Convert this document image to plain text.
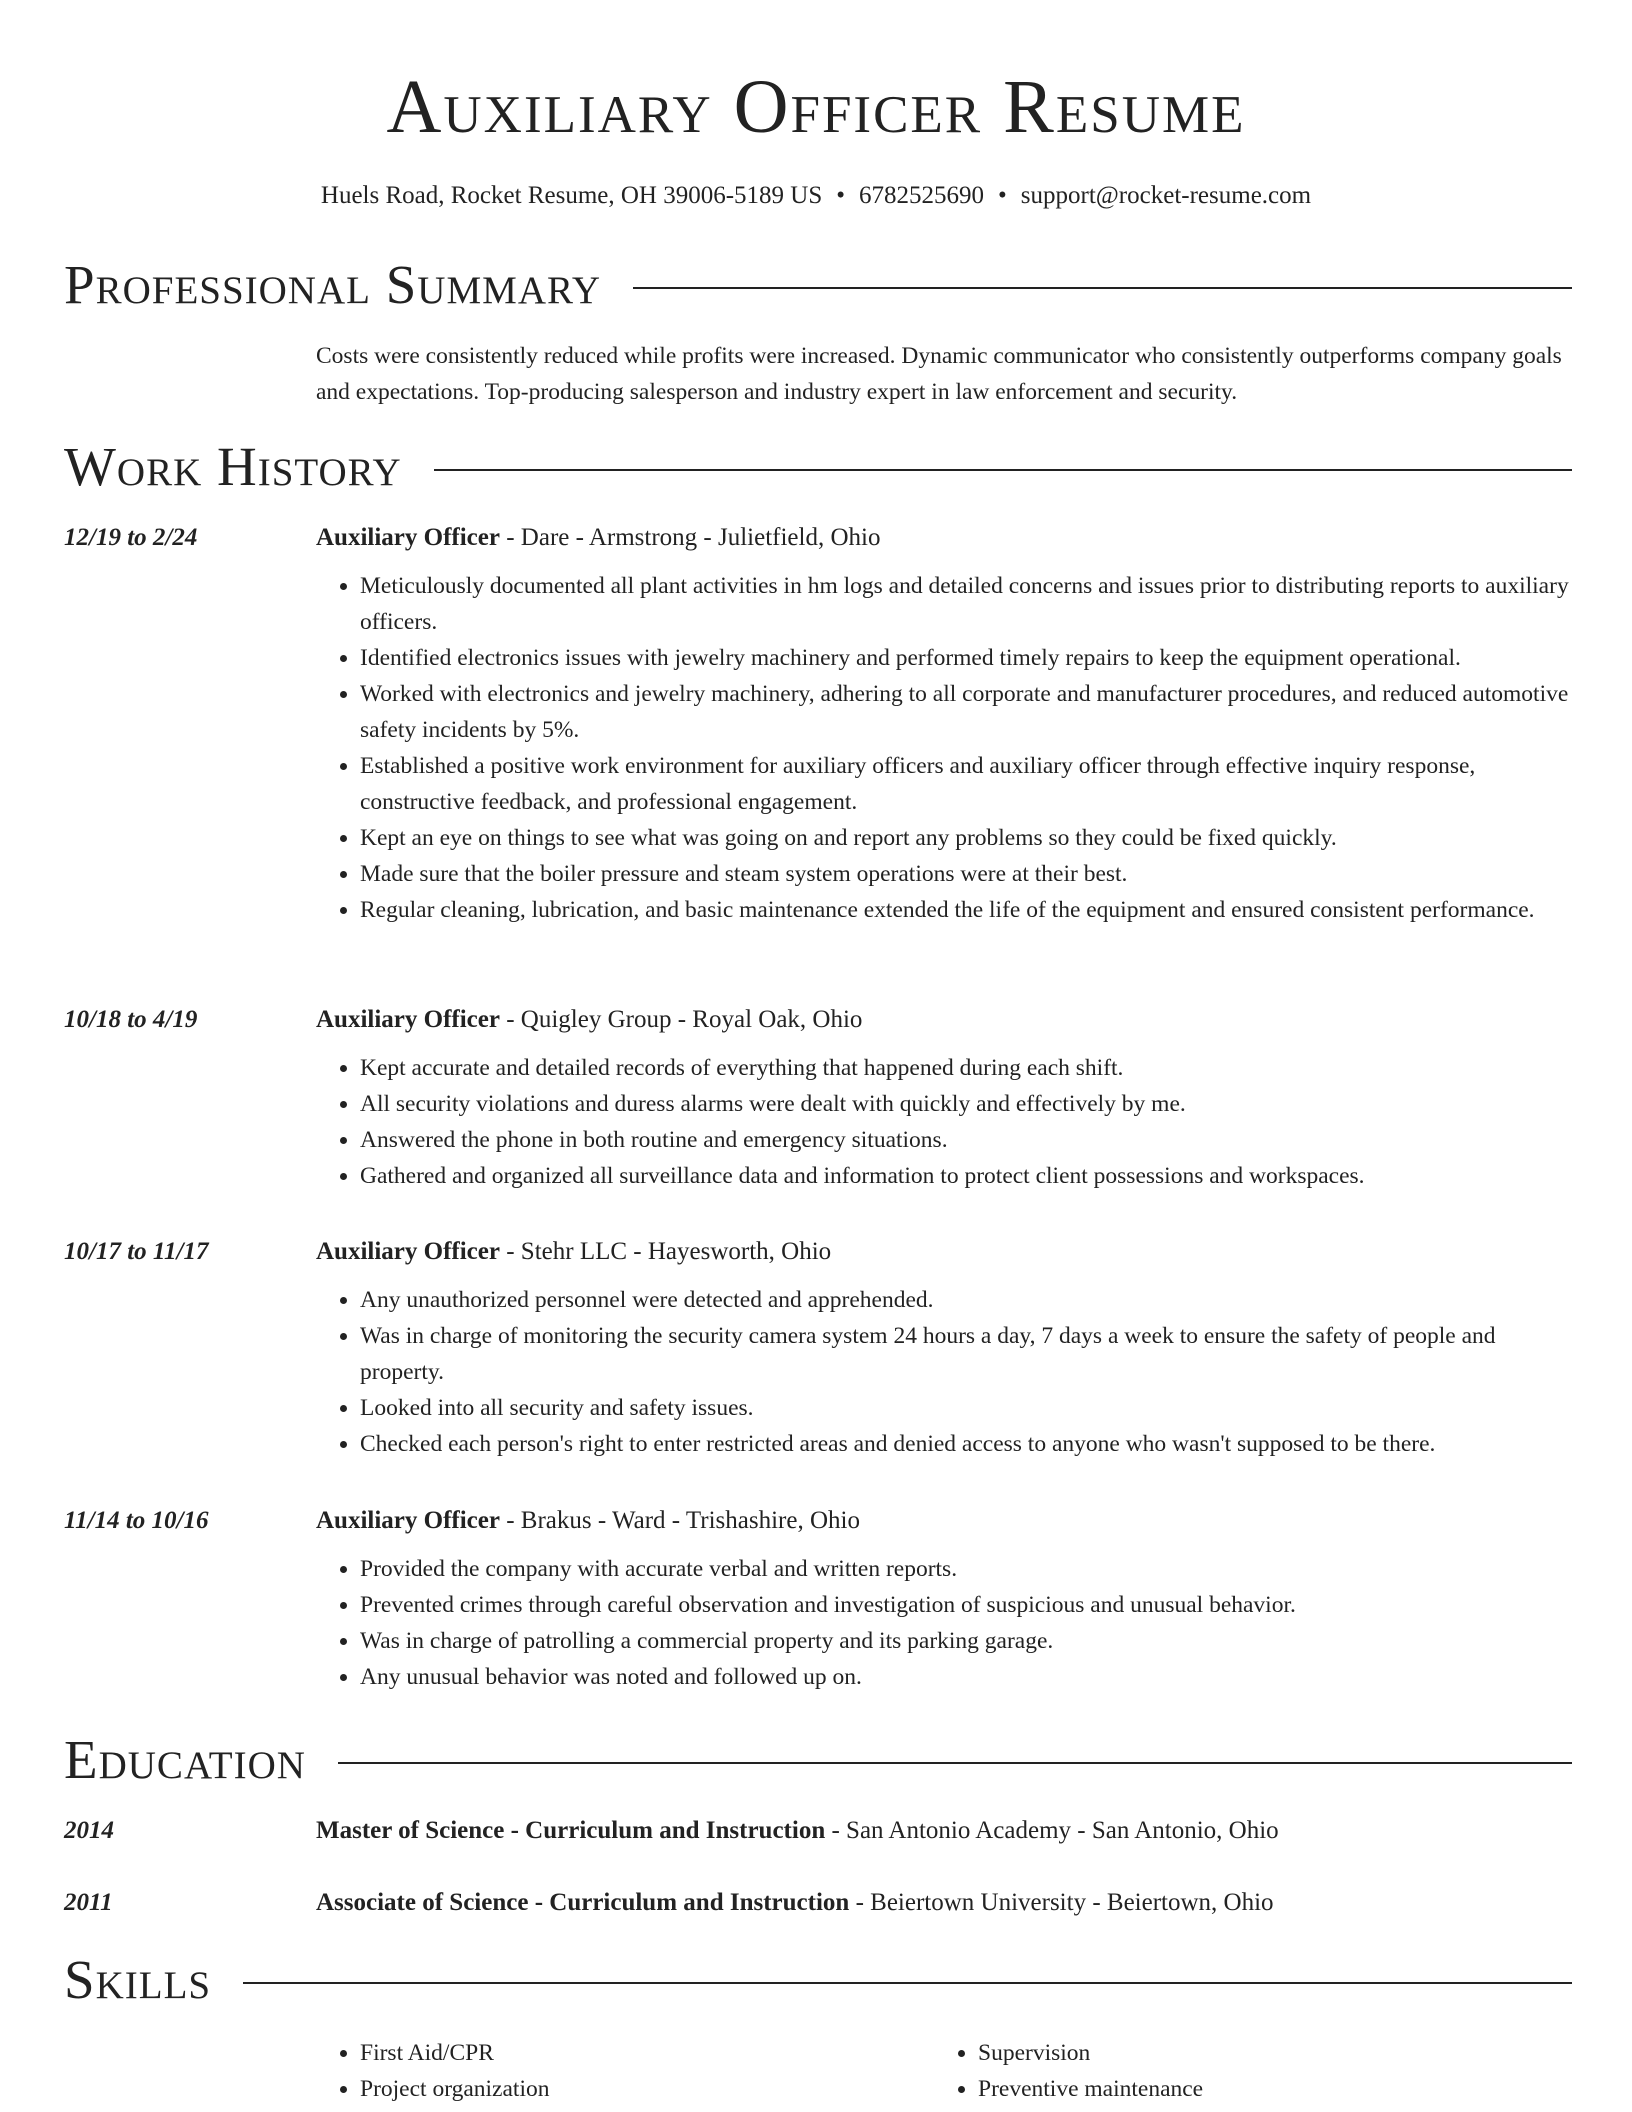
Auxiliary Officer Resume
Huels Road, Rocket Resume, OH 39006-5189 US • 6782525690 • support@rocket-resume.com
Professional Summary
Costs were consistently reduced while profits were increased. Dynamic communicator who consistently outperforms company goals and expectations. Top-producing salesperson and industry expert in law enforcement and security.
Work History
12/19 to 2/24	Auxiliary Officer - Dare - Armstrong - Julietfield, Ohio
• Meticulously documented all plant activities in hm logs and detailed concerns and issues prior to distributing reports to auxiliary officers.
• Identified electronics issues with jewelry machinery and performed timely repairs to keep the equipment operational.
• Worked with electronics and jewelry machinery, adhering to all corporate and manufacturer procedures, and reduced automotive safety incidents by 5%.
• Established a positive work environment for auxiliary officers and auxiliary officer through effective inquiry response, constructive feedback, and professional engagement.
• Kept an eye on things to see what was going on and report any problems so they could be fixed quickly.
• Made sure that the boiler pressure and steam system operations were at their best.
• Regular cleaning, lubrication, and basic maintenance extended the life of the equipment and ensured consistent performance.
10/18 to 4/19	Auxiliary Officer - Quigley Group - Royal Oak, Ohio
• Kept accurate and detailed records of everything that happened during each shift.
• All security violations and duress alarms were dealt with quickly and effectively by me.
• Answered the phone in both routine and emergency situations.
• Gathered and organized all surveillance data and information to protect client possessions and workspaces.
10/17 to 11/17	Auxiliary Officer - Stehr LLC - Hayesworth, Ohio
• Any unauthorized personnel were detected and apprehended.
• Was in charge of monitoring the security camera system 24 hours a day, 7 days a week to ensure the safety of people and property.
• Looked into all security and safety issues.
• Checked each person's right to enter restricted areas and denied access to anyone who wasn't supposed to be there.
11/14 to 10/16	Auxiliary Officer - Brakus - Ward - Trishashire, Ohio
• Provided the company with accurate verbal and written reports.
• Prevented crimes through careful observation and investigation of suspicious and unusual behavior.
• Was in charge of patrolling a commercial property and its parking garage.
• Any unusual behavior was noted and followed up on.
Education
2014	Master of Science - Curriculum and Instruction - San Antonio Academy - San Antonio, Ohio
2011	Associate of Science - Curriculum and Instruction - Beiertown University - Beiertown, Ohio
Skills
• First Aid/CPR
• Project organization
• Supervision
• Preventive maintenance
